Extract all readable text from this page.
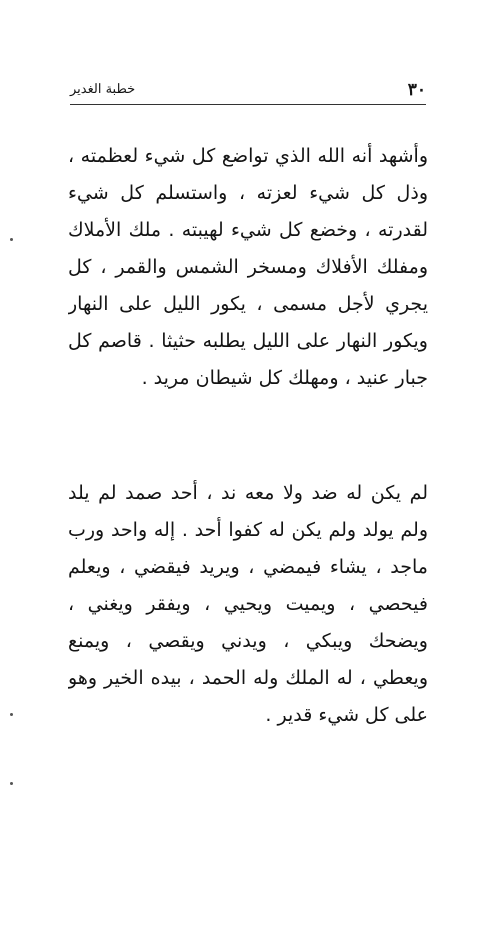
٣٠
خطبة الغدير
وأشهد أنه الله الذي تواضع كل شيء لعظمته ،
وذل كل شيء لعزته ، واستسلم كل شيء
لقدرته ، وخضع كل شيء لهيبته . ملك الأملاك
ومفلك الأفلاك ومسخر الشمس والقمر ، كل
يجري لأجل مسمى ، يكور الليل على النهار
ويكور النهار على الليل يطلبه حثيثا . قاصم كل
جبار عنيد ، ومهلك كل شيطان مريد .
لم يكن له ضد ولا معه ند ، أحد صمد لم يلد
ولم يولد ولم يكن له كفوا أحد . إله واحد ورب
ماجد ، يشاء فيمضي ، ويريد فيقضي ، ويعلم
فيحصي ، ويميت ويحيي ، ويفقر ويغني ،
ويضحك ويبكي ، ويدني ويقصي ، ويمنع
ويعطي ، له الملك وله الحمد ، بيده الخير وهو
على كل شيء قدير .
